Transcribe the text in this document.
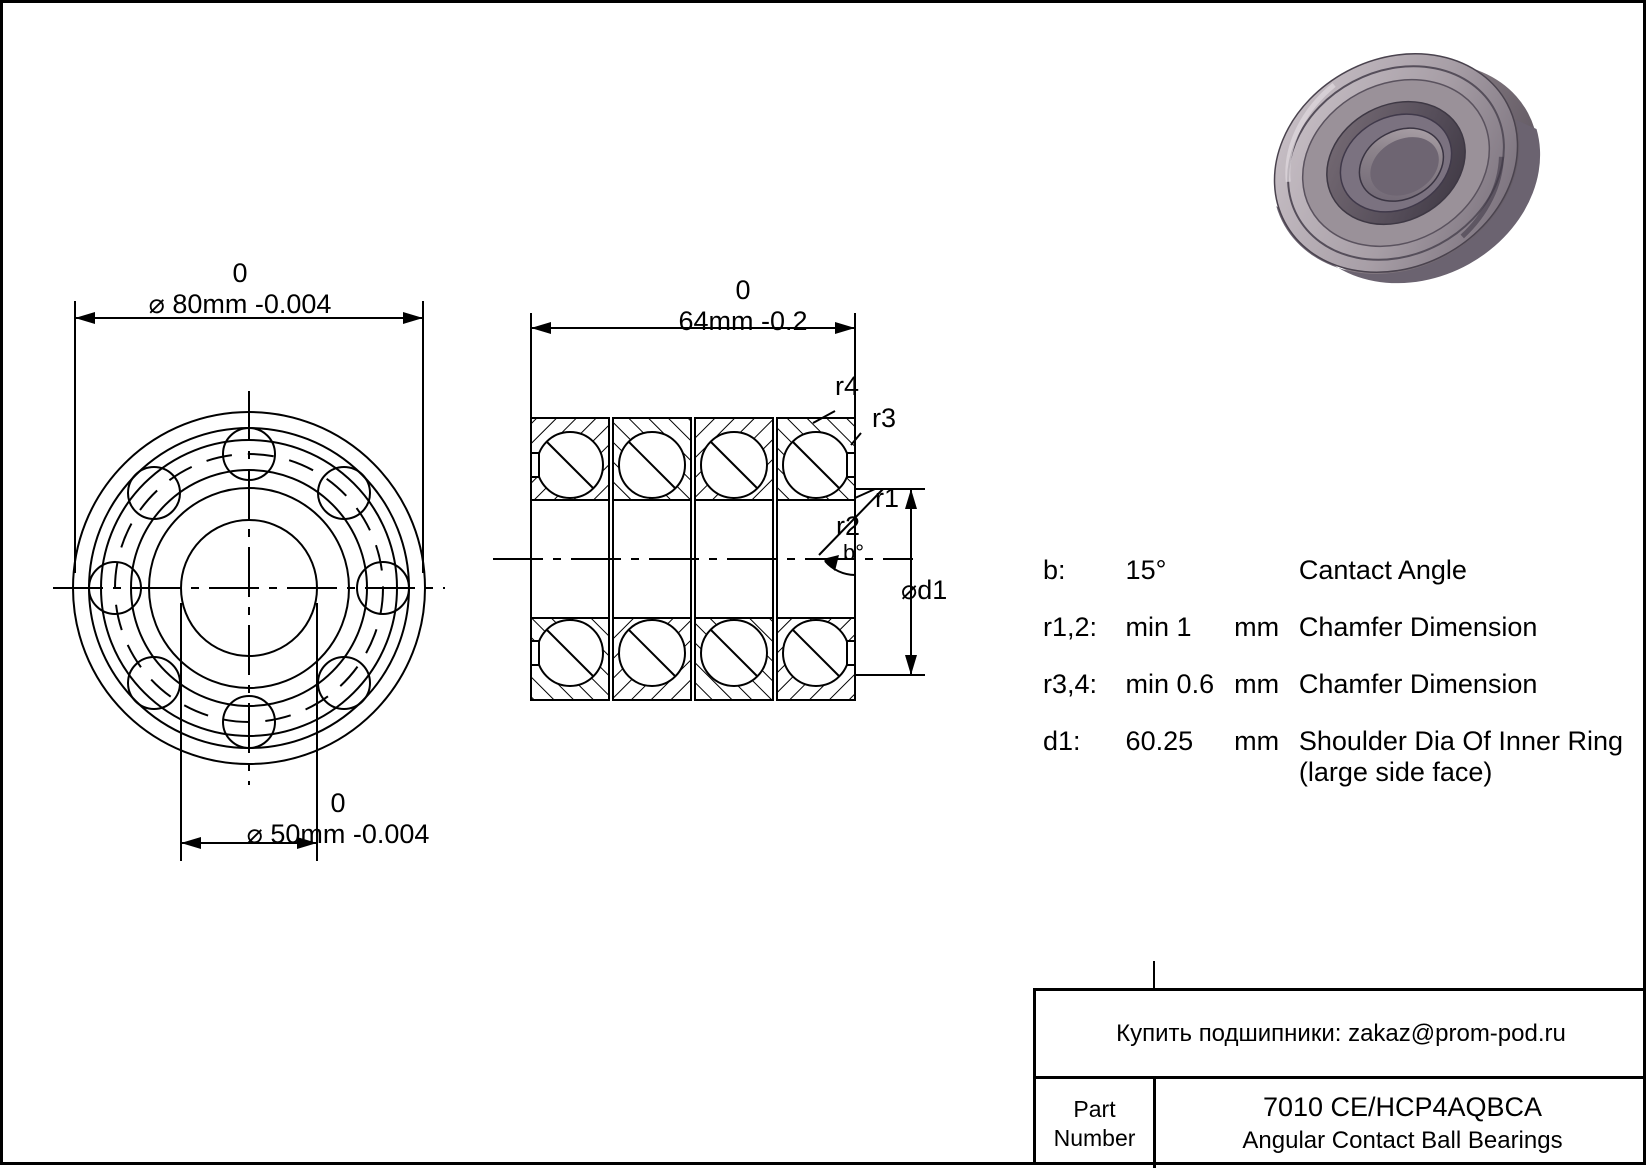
0
⌀ 80mm -0.004
0
⌀ 50mm -0.004
0
64mm -0.2
r4
r3
r1
r2
b°
⌀d1
b:	15°		Cantact Angle
r1,2:	min 1	mm	Chamfer Dimension
r3,4:	min 0.6	mm	Chamfer Dimension
d1:	60.25	mm	Shoulder Dia Of Inner Ring
(large side face)
Купить подшипники: zakaz@prom-pod.ru
Part
Number
7010 CE/HCP4AQBCA
Angular Contact Ball Bearings
